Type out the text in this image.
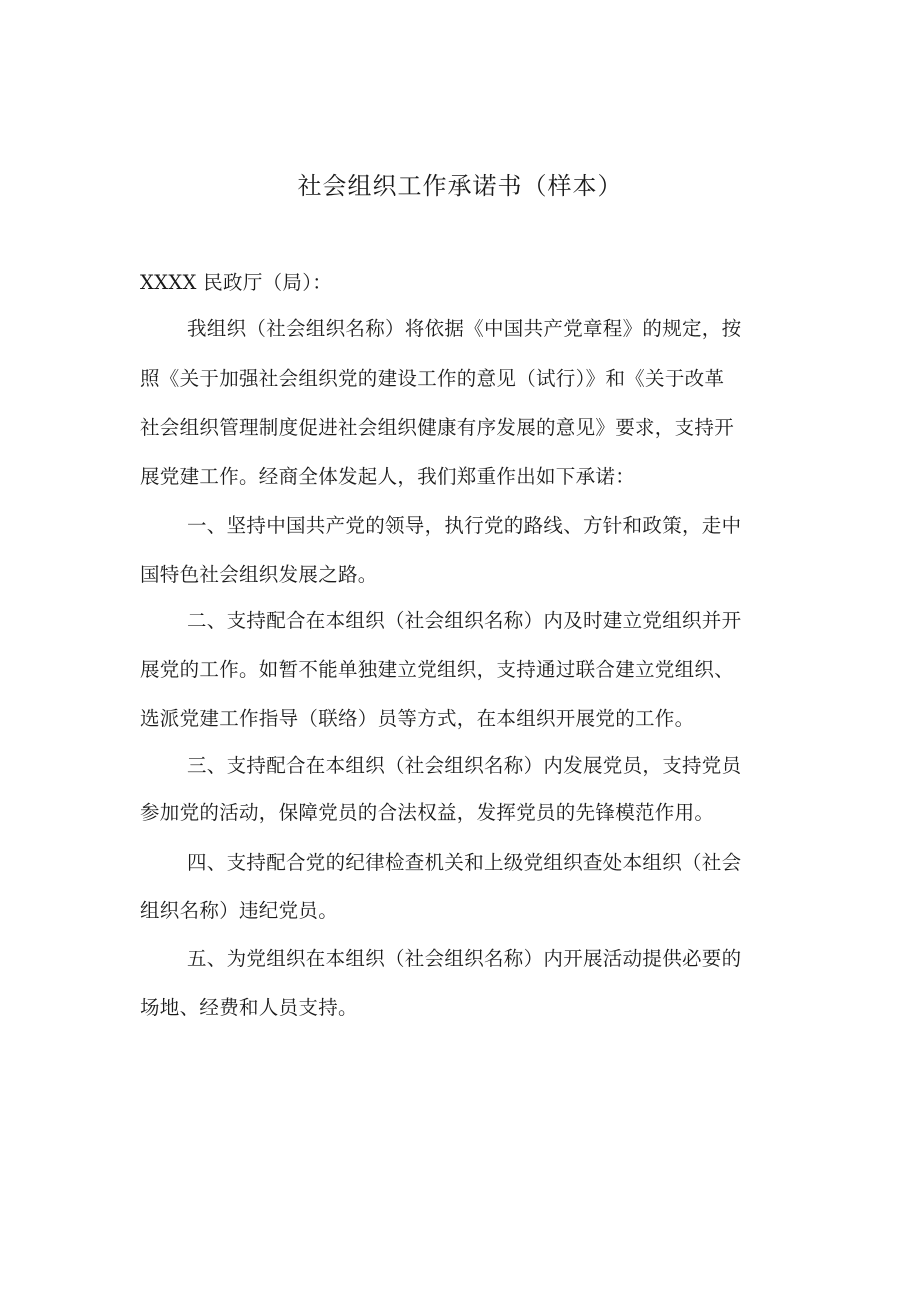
社会组织工作承诺书（样本）
XXXX 民政厅（局）：
我组织（社会组织名称）将依据《中国共产党章程》的规定，按
照《关于加强社会组织党的建设工作的意见（试行）》和《关于改革
社会组织管理制度促进社会组织健康有序发展的意见》要求，支持开
展党建工作。经商全体发起人，我们郑重作出如下承诺：
一、坚持中国共产党的领导，执行党的路线、方针和政策，走中
国特色社会组织发展之路。
二、支持配合在本组织（社会组织名称）内及时建立党组织并开
展党的工作。如暂不能单独建立党组织，支持通过联合建立党组织、
选派党建工作指导（联络）员等方式，在本组织开展党的工作。
三、支持配合在本组织（社会组织名称）内发展党员，支持党员
参加党的活动，保障党员的合法权益，发挥党员的先锋模范作用。
四、支持配合党的纪律检查机关和上级党组织查处本组织（社会
组织名称）违纪党员。
五、为党组织在本组织（社会组织名称）内开展活动提供必要的
场地、经费和人员支持。
